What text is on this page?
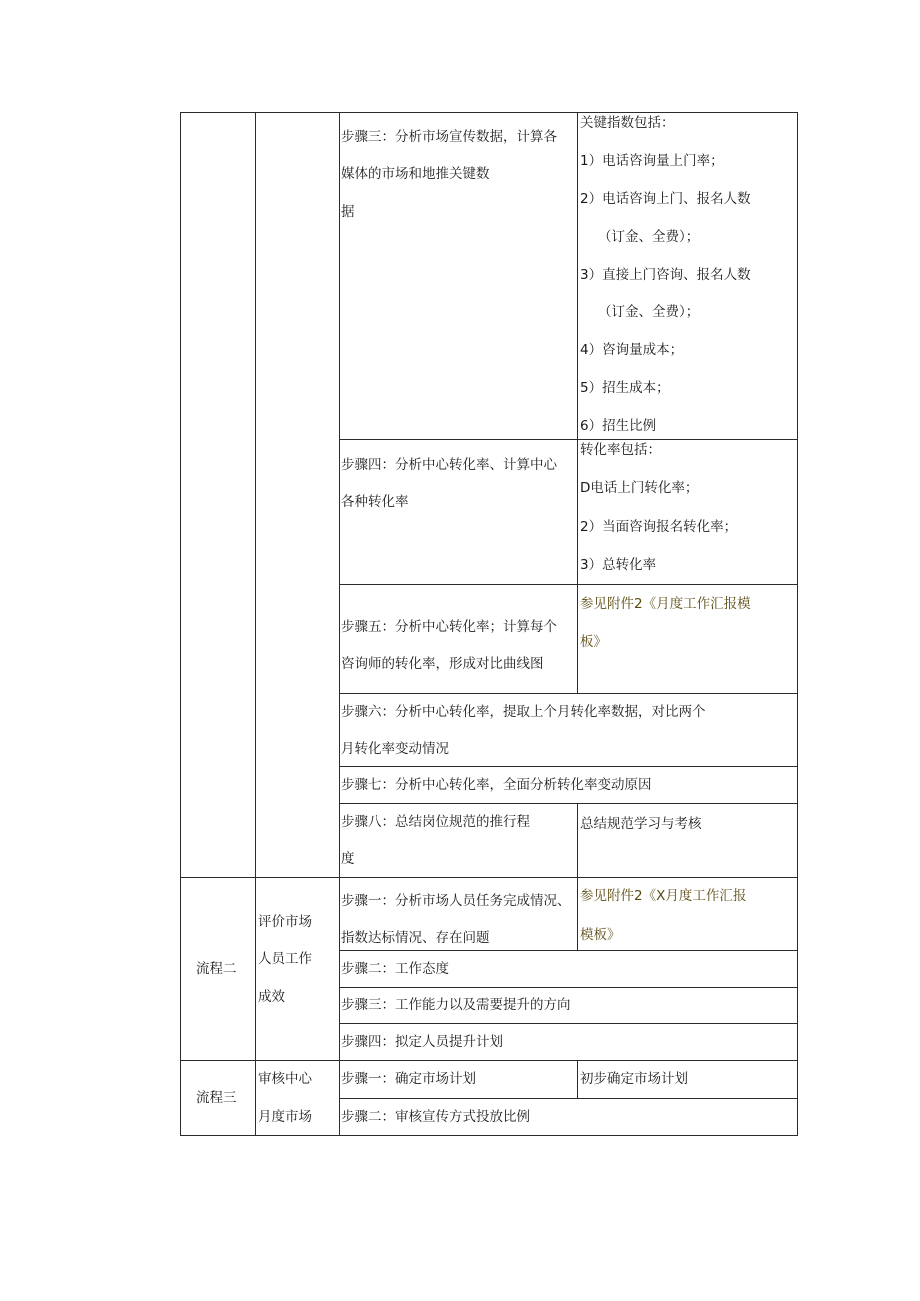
步骤三：分析市场宣传数据，计算各
媒体的市场和地推关键数
据
关键指数包括：
1）电话咨询量上门率；
2）电话咨询上门、报名人数
（订金、全费）；
3）直接上门咨询、报名人数
（订金、全费）；
4）咨询量成本；
5）招生成本；
6）招生比例
步骤四：分析中心转化率、计算中心
各种转化率
转化率包括：
D电话上门转化率；
2）当面咨询报名转化率；
3）总转化率
步骤五：分析中心转化率；计算每个
咨询师的转化率，形成对比曲线图
参见附件2《月度工作汇报模
板》
步骤六：分析中心转化率，提取上个月转化率数据，对比两个
月转化率变动情况
步骤七：分析中心转化率，全面分析转化率变动原因
步骤八：总结岗位规范的推行程
度
总结规范学习与考核
流程二
评价市场
人员工作
成效
步骤一：分析市场人员任务完成情况、
指数达标情况、存在问题
参见附件2《X月度工作汇报
模板》
步骤二：工作态度
步骤三：工作能力以及需要提升的方向
步骤四：拟定人员提升计划
流程三
审核中心
月度市场
步骤一：确定市场计划	初步确定市场计划
步骤二：审核宣传方式投放比例
